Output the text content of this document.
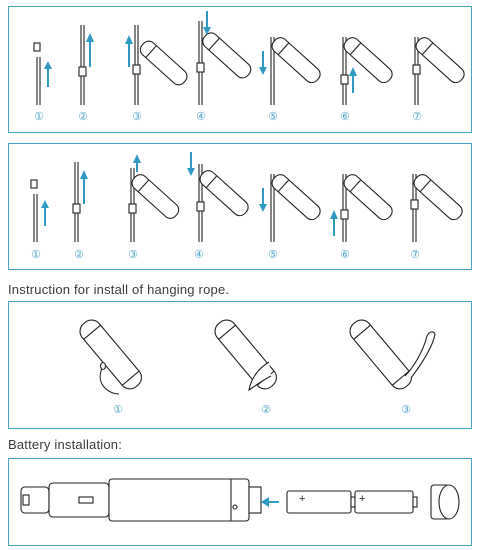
①	②	③	④	⑤	⑥	⑦
①	②	③	④	⑤	⑥	⑦
Instruction for install of hanging rope.
①	②	③
Battery installation:
+	+
